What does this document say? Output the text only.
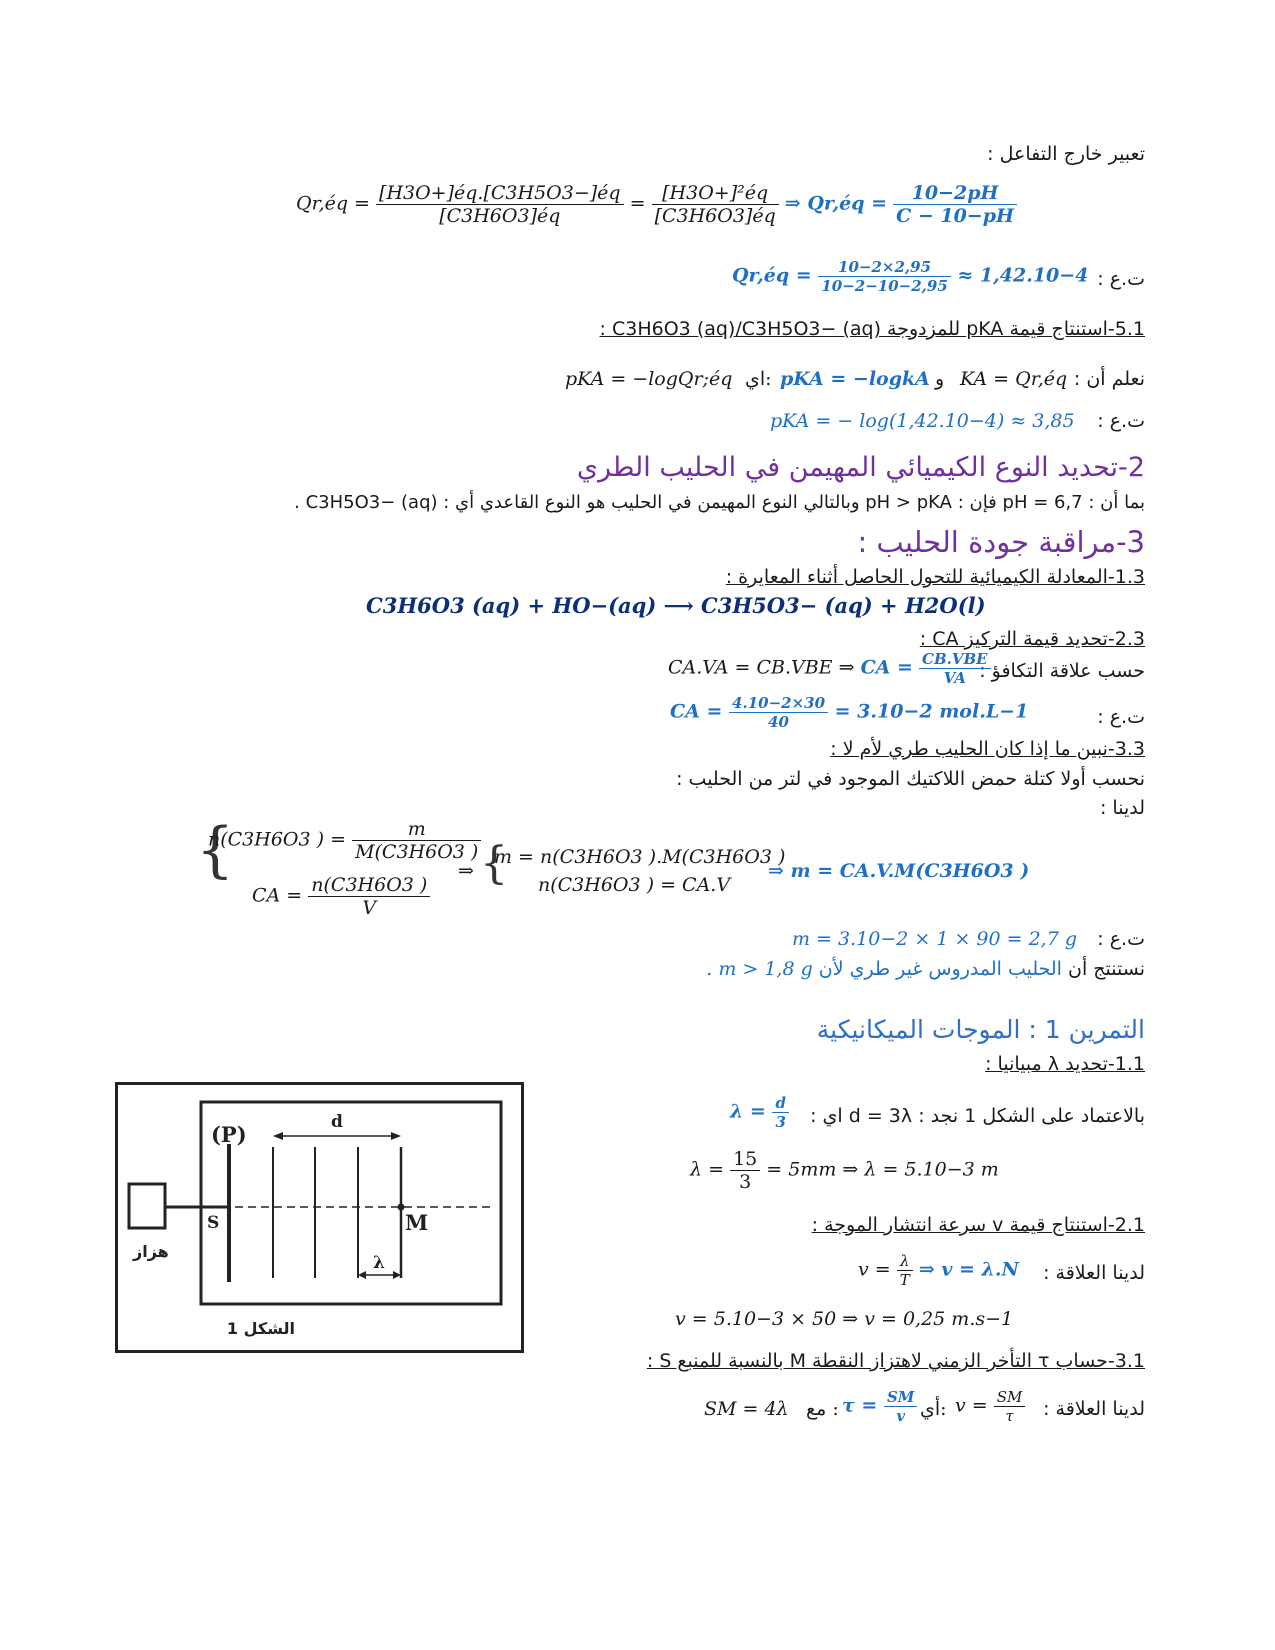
تعبير خارج التفاعل :
Qr,éq = $\frac{[H3O+]éq.[C3H5O3-]éq}{[C3H6O3]éq} = \frac{\text{[H3O+]²éq}}{[C3H6O3]éq}$ ⇒ Qr,éq = $\frac{10-2pH}{C - 10-pH}$
ت.ع :
Qr,éq = $\frac{10-2\times 2,95}{10-2-10-2,95} \approx 1,42.10-4$
5.1-استنتاج قيمة pKA للمزدوجة C3H6O3 (aq)/C3H5O3− (aq) :
نعلم أن :
KA = Qr,éq
و
pKA = −logkA
اي:
pKA = −logQr;éq
ت.ع :
pKA = − log(1,42.10−4) ≈ 3,85
2-تحديد النوع الكيميائي المهيمن في الحليب الطري
بما أن : pH = 6,7 فإن : pH > pKA وبالتالي النوع المهيمن في الحليب هو النوع القاعدي أي : C3H5O3− (aq) .
3-مراقبة جودة الحليب :
1.3-المعادلة الكيميائية للتحول الحاصل أثناء المعايرة :
C3H6O3 (aq) + HO−(aq) ⟶ C3H5O3− (aq) + H2O(l)
2.3-تحديد قيمة التركيز CA :
حسب علاقة التكافؤ :
CA.VA = CB.VBE ⇒ CA = $\frac{\text{CB.VBE}}{VA}$
ت.ع :
CA = $\frac{4.10-2\times 30}{40} = 3.10-2$ mol.L−1
3.3-نبين ما إذا كان الحليب طري لأم لا :
نحسب أولا كتلة حمض اللاكتيك الموجود في لتر من الحليب :
لدينا :
{
n(C3H6O3 ) = $\frac{m}{M(C3H6O3 )}$
CA = $\frac{n(C3H6O3 )}{V}$
⇒ {
m = n(C3H6O3 ).M(C3H6O3 )
n(C3H6O3 ) = CA.V
⇒ m = CA.V.M(C3H6O3 )
ت.ع :
m = 3.10−2 × 1 × 90 = 2,7 g
نستنتج أن الحليب المدروس غير طري لأن m > 1,8 g .
التمرين 1 : الموجات الميكانيكية
1.1-تحديد λ مبيانيا :
بالاعتماد على الشكل 1 نجد : d = 3λ اي :
$\lambda = \frac{d}{3}$
$\lambda = \frac{15}{3} = 5mm$ ⇒ λ = 5.10−3 m
2.1-استنتاج قيمة v سرعة انتشار الموجة :
لدينا العلاقة :
$v = \frac{\lambda}{T}$ ⇒ v = λ.N
v = 5.10−3 × 50 ⇒ v = 0,25 m.s−1
3.1-حساب τ التأخر الزمني لاهتزاز النقطة M بالنسبة للمنبع S :
لدينا العلاقة :
$v = \frac{SM}{\tau}$
أي:
$\tau = \frac{SM}{v}$
مع :
SM = 4λ
(P)	d
S	M
λ
هزاز
الشكل 1
